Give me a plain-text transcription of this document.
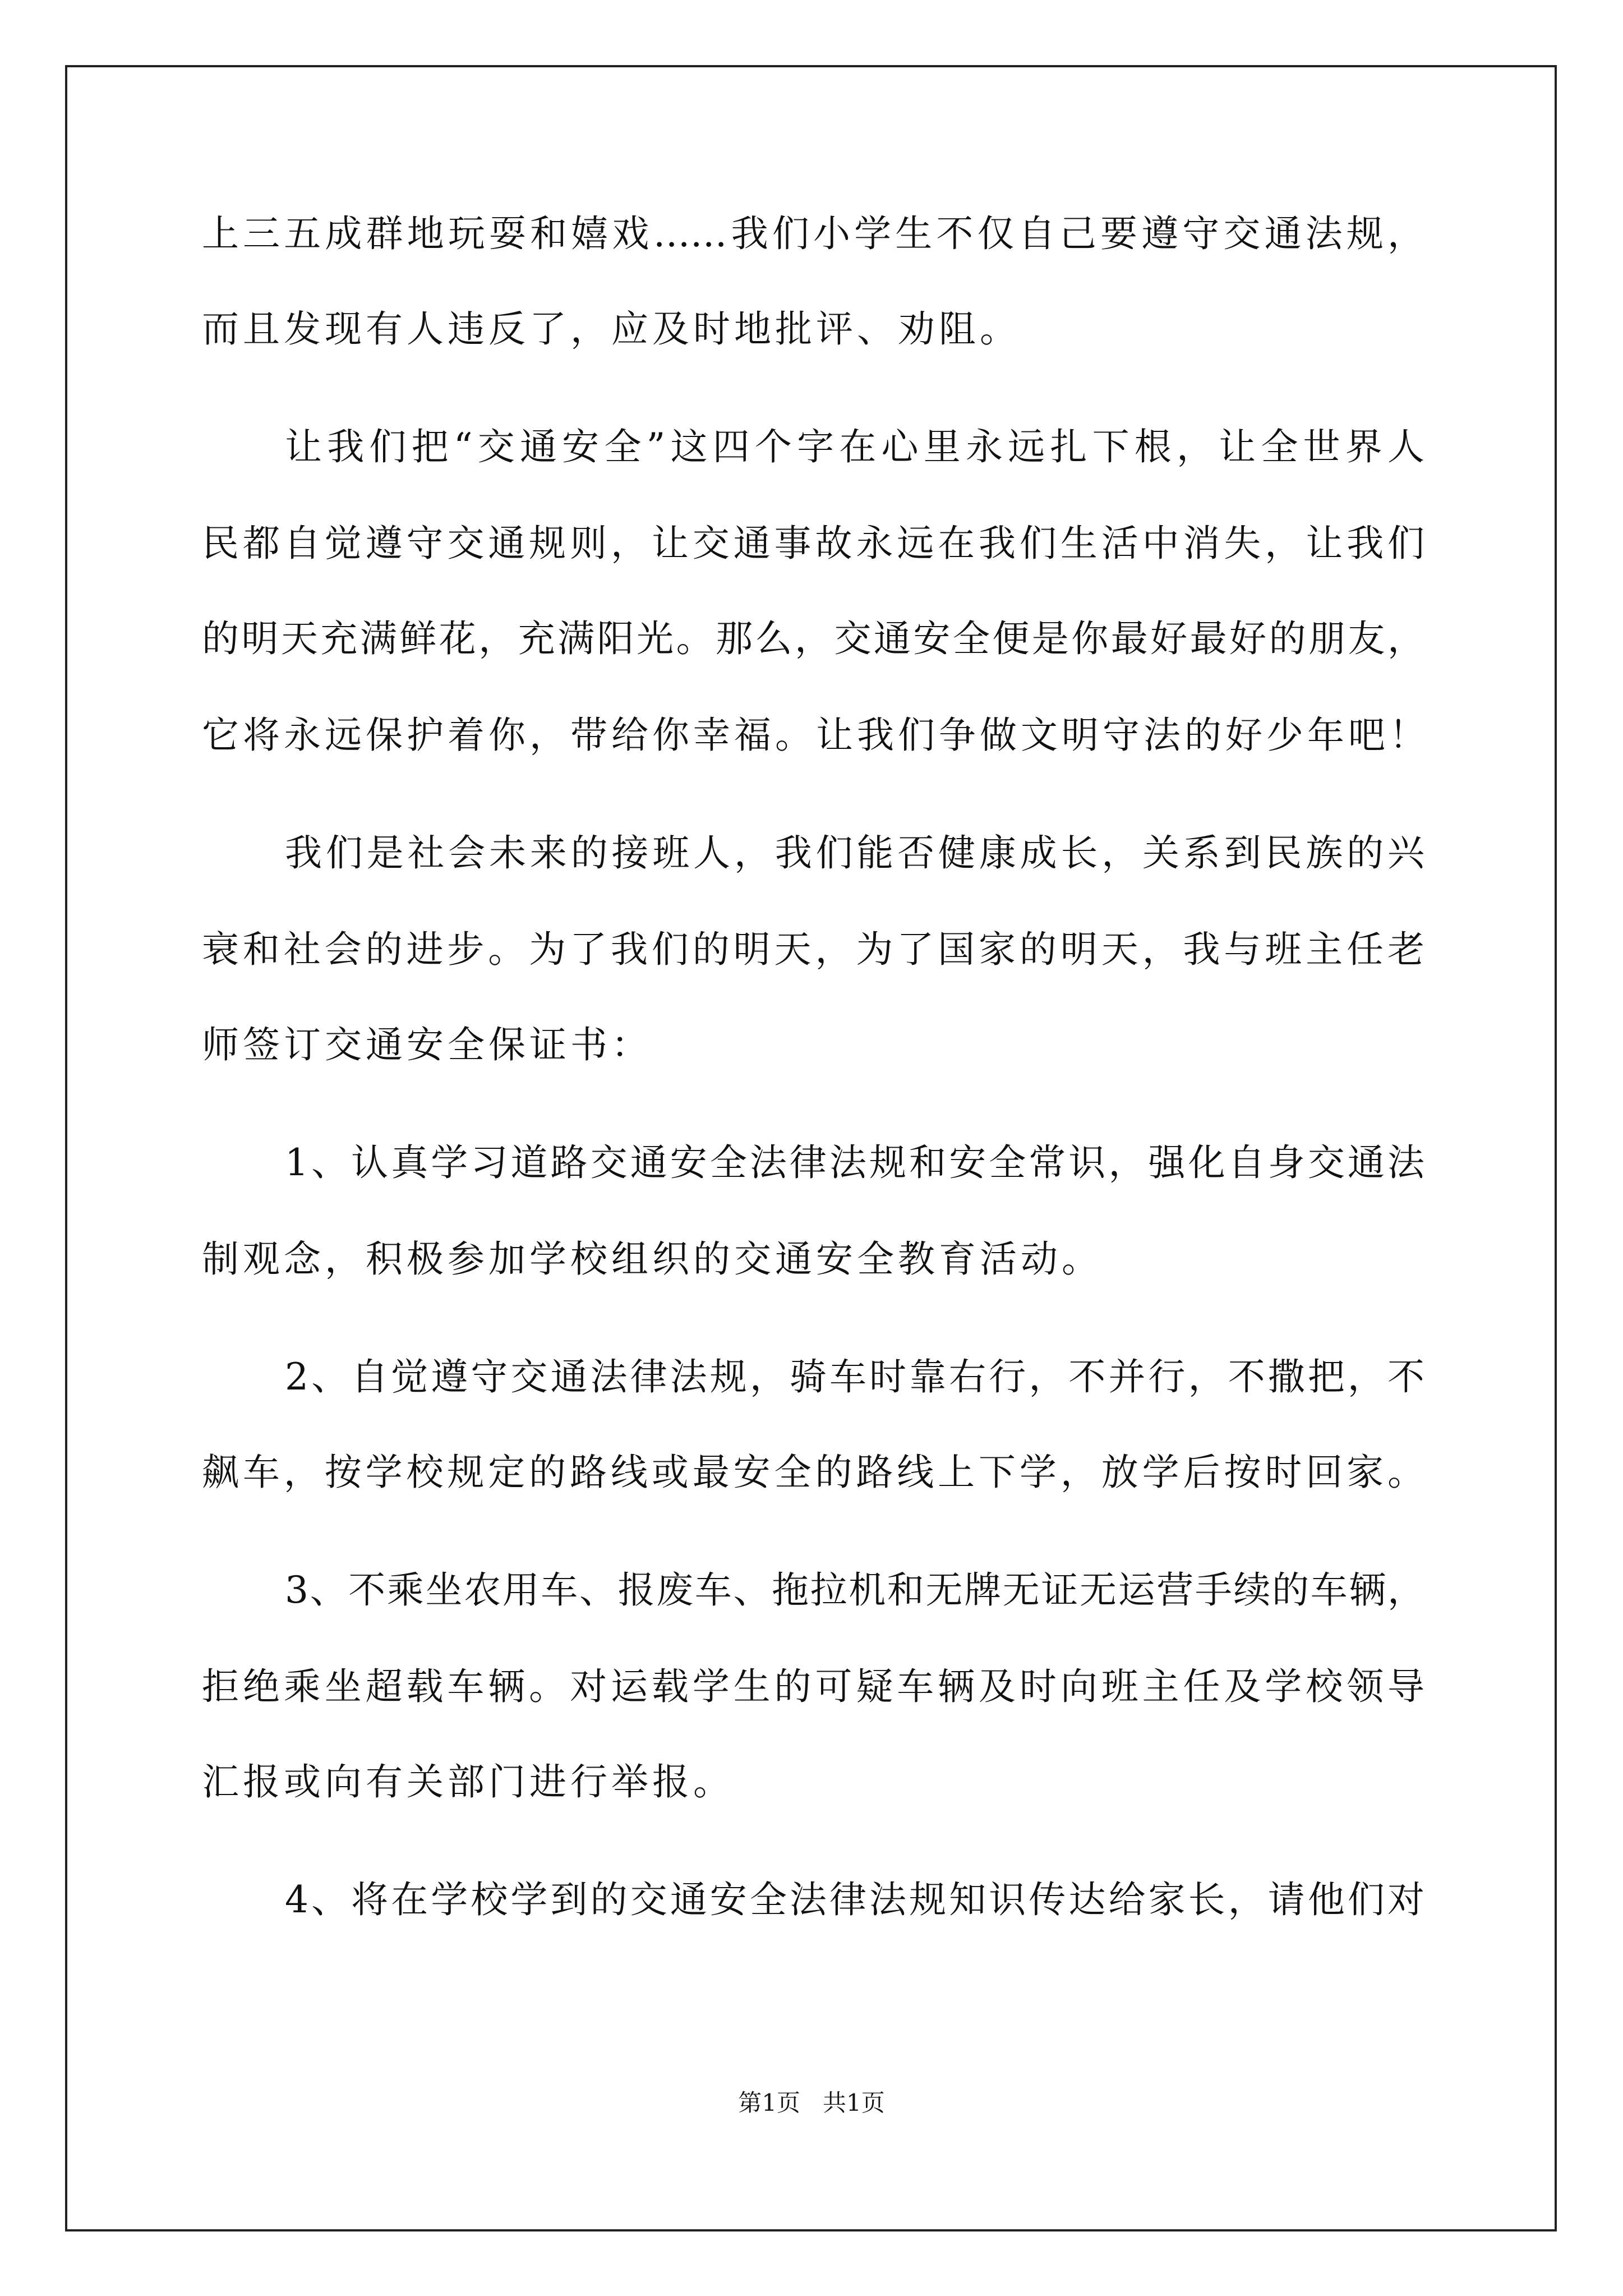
上三五成群地玩耍和嬉戏……我们小学生不仅自己要遵守交通法规，
而且发现有人违反了，应及时地批评、劝阻。
让我们把“交通安全”这四个字在心里永远扎下根，让全世界人
民都自觉遵守交通规则，让交通事故永远在我们生活中消失，让我们
的明天充满鲜花，充满阳光。那么，交通安全便是你最好最好的朋友，
它将永远保护着你，带给你幸福。让我们争做文明守法的好少年吧！
我们是社会未来的接班人，我们能否健康成长，关系到民族的兴
衰和社会的进步。为了我们的明天，为了国家的明天，我与班主任老
师签订交通安全保证书：
1、认真学习道路交通安全法律法规和安全常识，强化自身交通法
制观念，积极参加学校组织的交通安全教育活动。
2、自觉遵守交通法律法规，骑车时靠右行，不并行，不撒把，不
飙车，按学校规定的路线或最安全的路线上下学，放学后按时回家。
3、不乘坐农用车、报废车、拖拉机和无牌无证无运营手续的车辆，
拒绝乘坐超载车辆。对运载学生的可疑车辆及时向班主任及学校领导
汇报或向有关部门进行举报。
4、将在学校学到的交通安全法律法规知识传达给家长，请他们对
第1页   共1页
